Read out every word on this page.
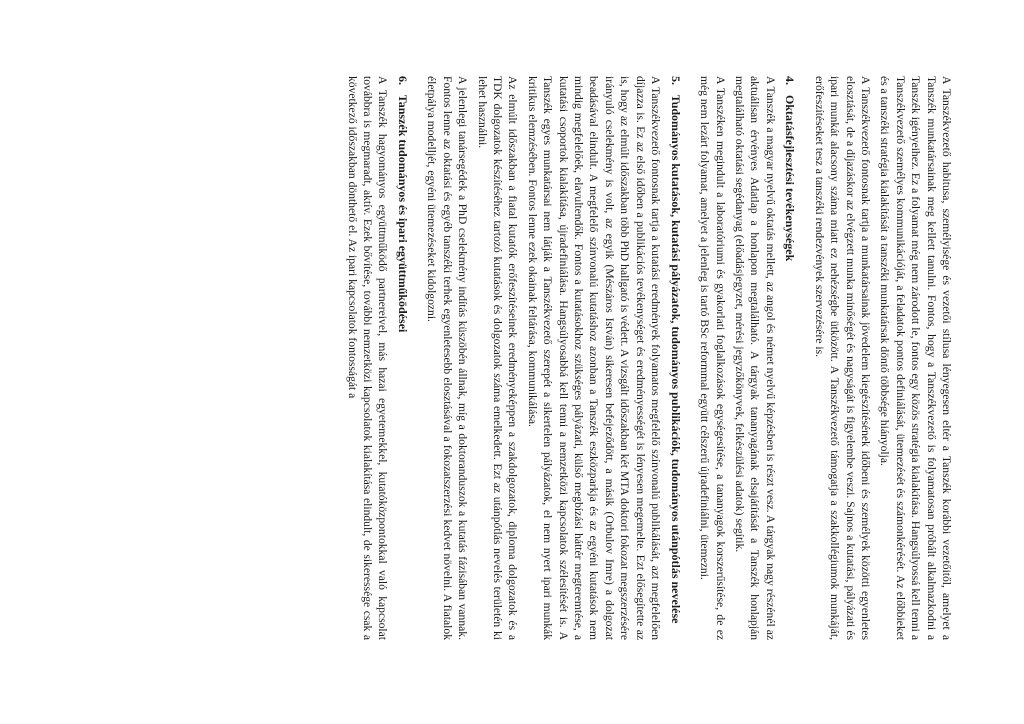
A Tanszékvezető habitusa, személyisége és vezetői stílusa lényegesen eltér a Tanszék korábbi vezetőitől, amelyet a Tanszék munkatársainak meg kellett tanulni. Fontos, hogy a Tanszékvezető is folyamatosan próbált alkalmazkodni a Tanszék igényeihez. Ez a folyamat még nem zárodott le, fontos egy közös stratégia kialakítása. Hangsúlyossá kell tenni a Tanszékvezető személyes kommunikációját, a feladatok pontos definiálását, ütemezését és számonkérését. Az előbbieket és a tanszéki stratégia kialakítását a tanszéki munkatársak döntő többsége hiányolja.

A Tanszékvezető fontosnak tartja a munkatársainak jövedelem kiegészítésének időbeni és személyek közötti egyenletes elosztását, de a díjazáskor az elvégzett munka minőségét és nagyságát is figyelembe veszi. Sajnos a kutatási, pályázati és ipari munkát alacsony száma miatt ez nehézségbe ütközött. A Tanszékvezető támogatja a szakkollégiumok munkáját, erőfeszítéseket tesz a tanszéki rendezvények szervezésére is.

4. Oktatásfejlesztési tevékenységek

A Tanszék a magyar nyelvű oktatás mellett, az angol és német nyelvű képzésben is részt vesz. A tárgyak nagy részénél az aktuálisan érvényes Adatlap a honlapon megtalálható. A tárgyak tananyagának elsajátítását a Tanszék honlapján megtalálható oktatási segédanyag (előadásjegyzet, mérési jegyzőkönyvek, felkészülési adatok) segítik.

A Tanszéken megindult a laboratóriumi és gyakorlati foglalkozások egységesítése, a tananyagok korszerűsítése, de ez még nem lezárt folyamat, amelyet a jelenleg is tartó BSc reformmal együtt célszerű újradefiniálni, ütemezni.

5. Tudományos kutatások, kutatási pályázatok, tudományos publikációk, tudományos utánpótlás nevelése

A Tanszékvezető fontosnak tartja a kutatási eredmények folyamatos megfelelő színvonalú publikálását, azt megfelelően díjazza is. Ez az első időben a publikációs tevékenységet és eredményességét is lényesen megemelte. Ezt elősegítette az is, hogy az elmúlt időszakban több PhD hallgató is védett. A vizsgált időszakban két MTA doktori fokozat megszerzésére irányuló cselekmény is volt, az egyik (Mészáros István) sikeresen befejeződött, a másik (Orbulov Imre) a dolgozat beadásával elindult. A megfelelő színvonalú kutatáshoz azonban a Tanszék eszközparkja és az egyéni kutatások nem mindig megfelelőek, elavultendők. Fontos a kutatásokhoz szükséges pályázati, külső megbízási háttér megteremtése, a kutatási csoportok kialakítása, újradefiniálása. Hangsúlyosabbá kell tenni a nemzetközi kapcsolatok szélesítését is. A Tanszék egyes munkatársai nem látják a Tanszékvezető szerepét a sikertelen pályázatok, el nem nyert ipari munkák kritikus elemzésében. Fontos lenne ezek okainak feltárása, kommunikálása.

Az elmúlt időszakban a fiatal kutatók erőfeszítéseinek eredményeképpen a szakdolgozatok, diploma dolgozatok és a TDK dolgozatok készítéséhez tartozó kutatások és dolgozatok száma emelkedett. Ezt az utánpótlás nevelés területén ki lehet használni.

A jelenlegi tanársegédek a PhD cselekmény indítás küszöbén állnak, míg a doktoranduszok a kutatás fázisában vannak. Fontos lenne az oktatási és egyéb tanszéki terhek egyenletesebb elosztásával a fokozatszerzési kedvet növelni. A fiatalok életpálya modelljét, egyéni ütemezéseket kidolgozni.

6. Tanszék tudományos és ipari együttműködései

A Tanszék hagyományos együttműködő partnereivel, más hazai egyetemekkel, kutatóközpontokkal való kapcsolat továbbra is megmaradt, aktív. Ezek bővítése, további nemzetközi kapcsolatok kialakítása elindult, de sikeressége csak a következő időszakban dönthető el. Az ipari kapcsolatok fontosságát a
